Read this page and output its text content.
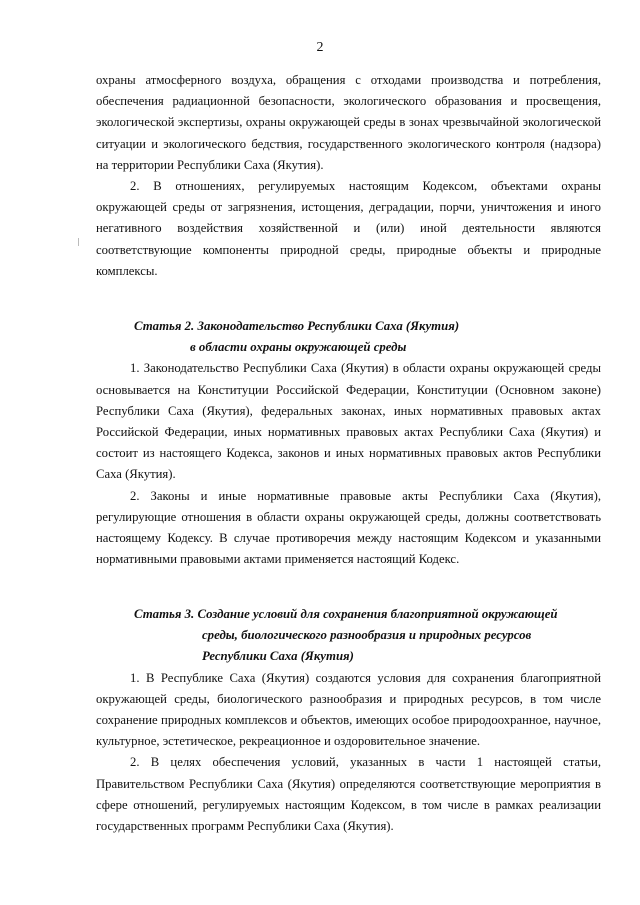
2

охраны атмосферного воздуха, обращения с отходами производства и потребления, обеспечения радиационной безопасности, экологического образования и просвещения, экологической экспертизы, охраны окружающей среды в зонах чрезвычайной экологической ситуации и экологического бедствия, государственного экологического контроля (надзора) на территории Республики Саха (Якутия).

2. В отношениях, регулируемых настоящим Кодексом, объектами охраны окружающей среды от загрязнения, истощения, деградации, порчи, уничтожения и иного негативного воздействия хозяйственной и (или) иной деятельности являются соответствующие компоненты природной среды, природные объекты и природные комплексы.

Статья 2. Законодательство Республики Саха (Якутия)
в области охраны окружающей среды

1. Законодательство Республики Саха (Якутия) в области охраны окружающей среды основывается на Конституции Российской Федерации, Конституции (Основном законе) Республики Саха (Якутия), федеральных законах, иных нормативных правовых актах Российской Федерации, иных нормативных правовых актах Республики Саха (Якутия) и состоит из настоящего Кодекса, законов и иных нормативных правовых актов Республики Саха (Якутия).

2. Законы и иные нормативные правовые акты Республики Саха (Якутия), регулирующие отношения в области охраны окружающей среды, должны соответствовать настоящему Кодексу. В случае противоречия между настоящим Кодексом и указанными нормативными правовыми актами применяется настоящий Кодекс.

Статья 3. Создание условий для сохранения благоприятной окружающей
среды, биологического разнообразия и природных ресурсов
Республики Саха (Якутия)

1. В Республике Саха (Якутия) создаются условия для сохранения благоприятной окружающей среды, биологического разнообразия и природных ресурсов, в том числе сохранение природных комплексов и объектов, имеющих особое природоохранное, научное, культурное, эстетическое, рекреационное и оздоровительное значение.

2. В целях обеспечения условий, указанных в части 1 настоящей статьи, Правительством Республики Саха (Якутия) определяются соответствующие мероприятия в сфере отношений, регулируемых настоящим Кодексом, в том числе в рамках реализации государственных программ Республики Саха (Якутия).
